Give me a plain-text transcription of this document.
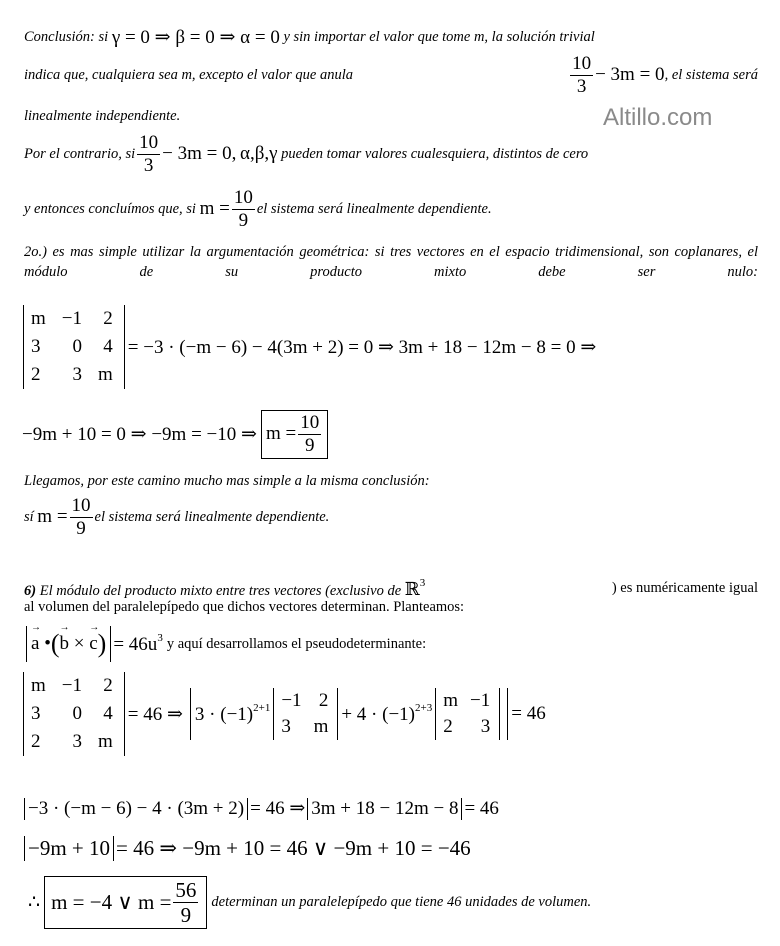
Altillo.com
Conclusión: si
γ = 0 ⇒ β = 0 ⇒ α = 0
y sin importar el valor que tome m, la solución trivial
indica que, cualquiera sea m, excepto el valor que anula	$\frac{10}{3} - 3m = 0$ , el sistema será
linealmente independiente.
Por el contrario, si $\frac{10}{3} - 3m = 0$,
α,β,γ
pueden tomar valores cualesquiera, distintos de cero
y entonces concluímos que, si
$m = \frac{10}{9}$ el sistema será linealmente dependiente.
2o.) es mas simple utilizar la argumentación geométrica: si tres vectores en el espacio tridimensional, son coplanares, el módulo de su producto mixto debe ser nulo:
m	−1	2
3	0	4
2	3	m
= −3 · (−m − 6) − 4(3m + 2) = 0 ⇒ 3m + 18 − 12m − 8 = 0 ⇒
−9m + 10 = 0 ⇒ −9m = −10 ⇒
$m = \frac{10}{9}$
Llegamos, por este camino mucho mas simple a la misma conclusión:
sí
$m = \frac{10}{9}$ el sistema será linealmente dependiente.
6) El módulo del producto mixto entre tres vectores (exclusivo de ℝ$^3$	) es numéricamente igual
al volumen del paralelepípedo que dichos vectores determinan. Planteamos:
→ a • ( → b × → c ) = $46u^3$
y aquí desarrollamos el pseudodeterminante:
m	−1	2
3	0	4
2	3	m
= 46 ⇒
$3 \cdot (-1)^{2+1} -1$	2
3	m
+ $4 \cdot (-1)^{2+3}$ m	−1
2	3
= 46
−3 · (−m − 6) − 4 · (3m + 2) = 46 ⇒ 3m + 18 − 12m − 8 = 46
−9m + 10 = 46 ⇒ −9m + 10 = 46 ∨ −9m + 10 = −46
∴
m = −4 ∨ $m = \frac{56}{9}$
determinan un paralelepípedo que tiene 46 unidades de volumen.
